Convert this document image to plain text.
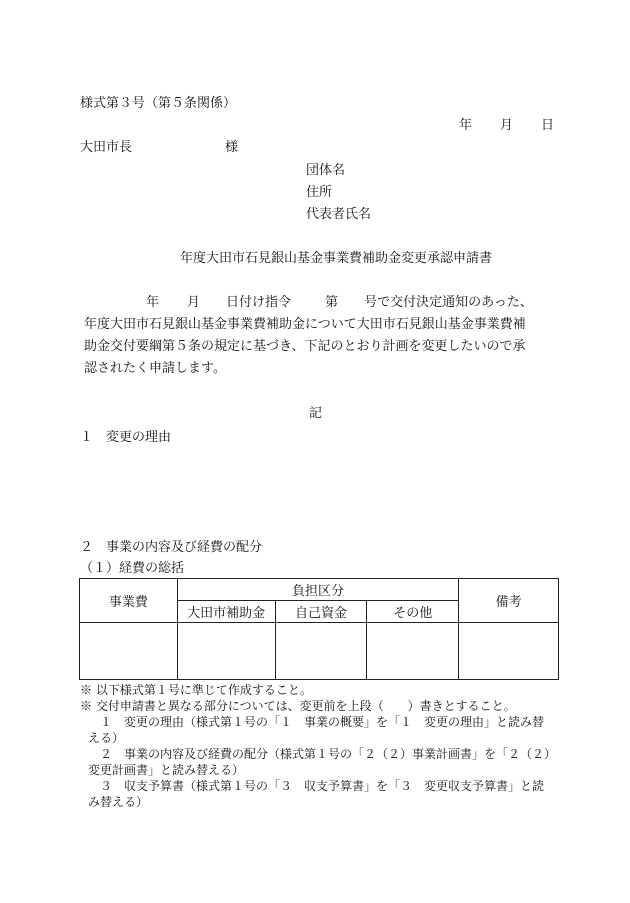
様式第３号（第５条関係）
年 月 日
大田市長	様
団体名
住所
代表者氏名
年度大田市石見銀山基金事業費補助金変更承認申請書
年 月 日付け指令	第 号で交付決定通知のあった、
年度大田市石見銀山基金事業費補助金について大田市石見銀山基金事業費補
助金交付要綱第５条の規定に基づき、下記のとおり計画を変更したいので承
認されたく申請します。
記
１　変更の理由
２　事業の内容及び経費の配分
（１）経費の総括
事業費	負担区分			備考
	大田市補助金	自己資金	その他	

※ 以下様式第１号に準じて作成すること。
※ 交付申請書と異なる部分については、変更前を上段（　　）書きとすること。
１　変更の理由（様式第１号の「１　事業の概要」を「１　変更の理由」と読み替
える）
２　事業の内容及び経費の配分（様式第１号の「２（２）事業計画書」を「２（２）
変更計画書」と読み替える）
３　収支予算書（様式第１号の「３　収支予算書」を「３　変更収支予算書」と読
み替える）
